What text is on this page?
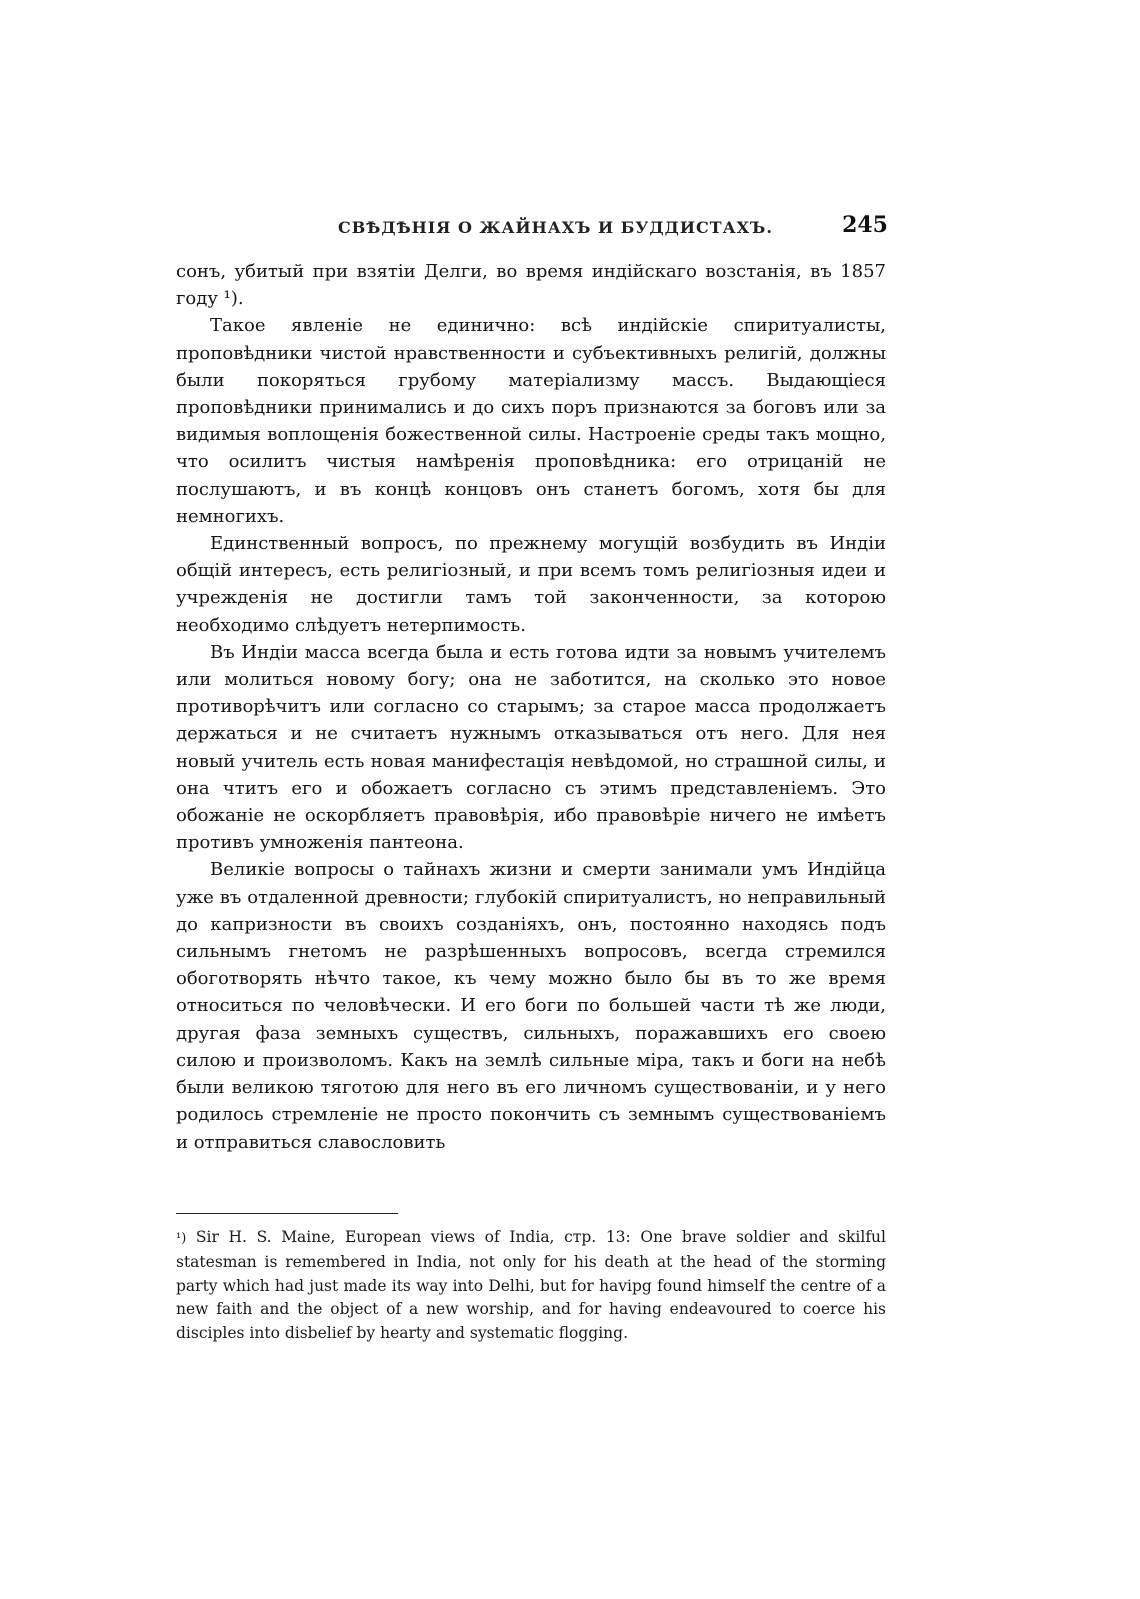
СВѢДѢНІЯ О ЖАЙНАХЪ И БУДДИСТАХЪ.	245

сонъ, убитый при взятіи Делги, во время индійскаго возстанія, въ 1857 году ¹).

Такое явленіе не единично: всѣ индійскіе спиритуалисты, проповѣдники чистой нравственности и субъективныхъ религій, должны были покоряться грубому матеріализму массъ. Выдающіеся проповѣдники принимались и до сихъ поръ признаются за боговъ или за видимыя воплощенія божественной силы. Настроеніе среды такъ мощно, что осилитъ чистыя намѣренія проповѣдника: его отрицаній не послушаютъ, и въ концѣ концовъ онъ станетъ богомъ, хотя бы для немногихъ.

Единственный вопросъ, по прежнему могущій возбудить въ Индіи общій интересъ, есть религіозный, и при всемъ томъ религіозныя идеи и учрежденія не достигли тамъ той законченности, за которою необходимо слѣдуетъ нетерпимость.

Въ Индіи масса всегда была и есть готова идти за новымъ учителемъ или молиться новому богу; она не заботится, на сколько это новое противорѣчитъ или согласно со старымъ; за старое масса продолжаетъ держаться и не считаетъ нужнымъ отказываться отъ него. Для нея новый учитель есть новая манифестація невѣдомой, но страшной силы, и она чтитъ его и обожаетъ согласно съ этимъ представленіемъ. Это обожаніе не оскорбляетъ правовѣрія, ибо правовѣріе ничего не имѣетъ противъ умноженія пантеона.

Великіе вопросы о тайнахъ жизни и смерти занимали умъ Индійца уже въ отдаленной древности; глубокій спиритуалистъ, но неправильный до капризности въ своихъ созданіяхъ, онъ, постоянно находясь подъ сильнымъ гнетомъ не разрѣшенныхъ вопросовъ, всегда стремился обоготворять нѣчто такое, къ чему можно было бы въ то же время относиться по человѣчески. И его боги по большей части тѣ же люди, другая фаза земныхъ существъ, сильныхъ, поражавшихъ его своею силою и произволомъ. Какъ на землѣ сильные міра, такъ и боги на небѣ были великою тяготою для него въ его личномъ существованіи, и у него родилось стремленіе не просто покончить съ земнымъ существованіемъ и отправиться славословить

¹) Sir H. S. Maine, European views of India, стр. 13: One brave soldier and skilful statesman is remembered in India, not only for his death at the head of the storming party which had just made its way into Delhi, but for havipg found himself the centre of a new faith and the object of a new worship, and for having endeavoured to coerce his disciples into disbelief by hearty and systematic flogging.
